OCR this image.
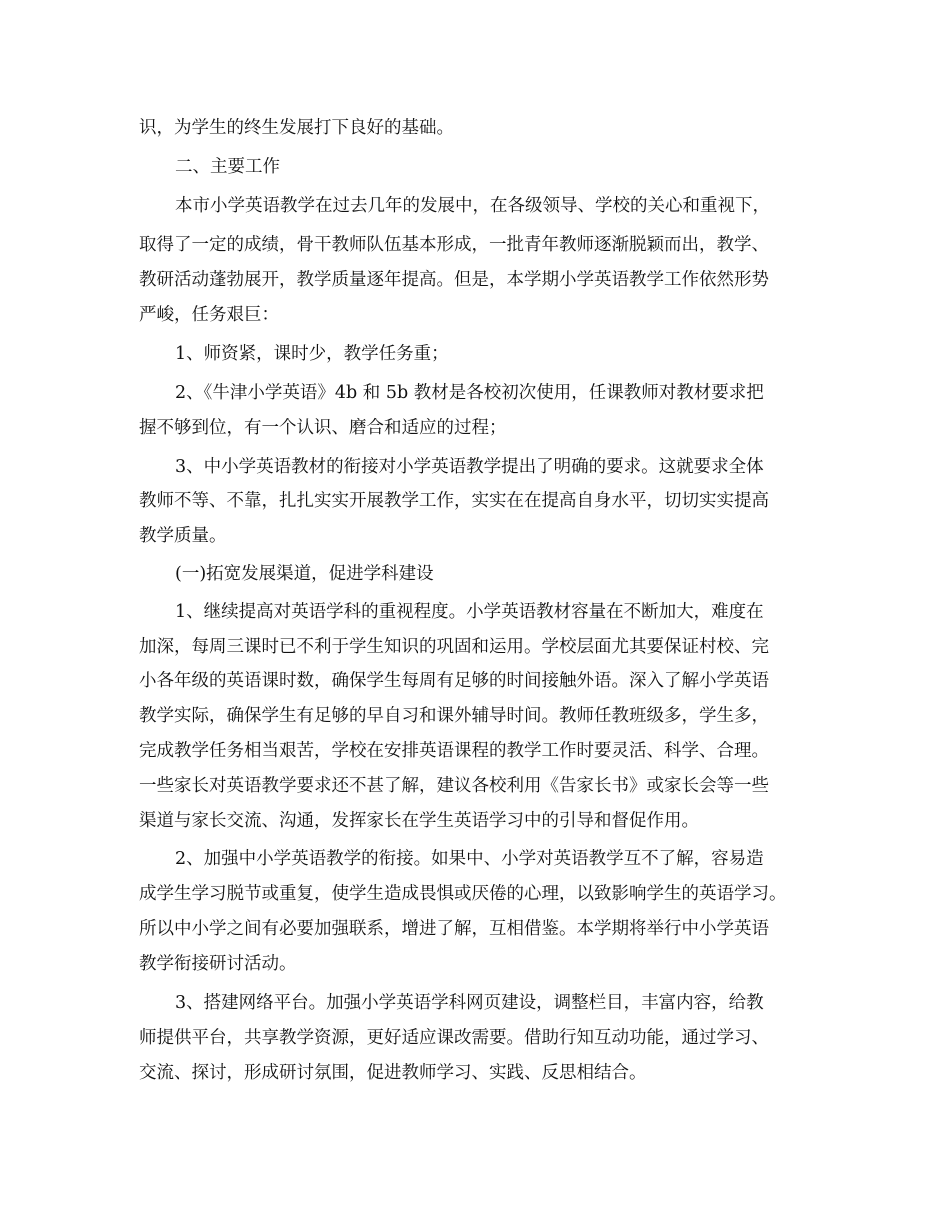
识，为学生的终生发展打下良好的基础。
二、主要工作
本市小学英语教学在过去几年的发展中，在各级领导、学校的关心和重视下，
取得了一定的成绩，骨干教师队伍基本形成，一批青年教师逐渐脱颖而出，教学、
教研活动蓬勃展开，教学质量逐年提高。但是，本学期小学英语教学工作依然形势
严峻，任务艰巨：
1、师资紧，课时少，教学任务重；
2、《牛津小学英语》4b 和 5b 教材是各校初次使用，任课教师对教材要求把
握不够到位，有一个认识、磨合和适应的过程；
3、中小学英语教材的衔接对小学英语教学提出了明确的要求。这就要求全体
教师不等、不靠，扎扎实实开展教学工作，实实在在提高自身水平，切切实实提高
教学质量。
(一)拓宽发展渠道，促进学科建设
1、继续提高对英语学科的重视程度。小学英语教材容量在不断加大，难度在
加深，每周三课时已不利于学生知识的巩固和运用。学校层面尤其要保证村校、完
小各年级的英语课时数，确保学生每周有足够的时间接触外语。深入了解小学英语
教学实际，确保学生有足够的早自习和课外辅导时间。教师任教班级多，学生多，
完成教学任务相当艰苦，学校在安排英语课程的教学工作时要灵活、科学、合理。
一些家长对英语教学要求还不甚了解，建议各校利用《告家长书》或家长会等一些
渠道与家长交流、沟通，发挥家长在学生英语学习中的引导和督促作用。
2、加强中小学英语教学的衔接。如果中、小学对英语教学互不了解，容易造
成学生学习脱节或重复，使学生造成畏惧或厌倦的心理，以致影响学生的英语学习。
所以中小学之间有必要加强联系，增进了解，互相借鉴。本学期将举行中小学英语
教学衔接研讨活动。
3、搭建网络平台。加强小学英语学科网页建设，调整栏目，丰富内容，给教
师提供平台，共享教学资源，更好适应课改需要。借助行知互动功能，通过学习、
交流、探讨，形成研讨氛围，促进教师学习、实践、反思相结合。
